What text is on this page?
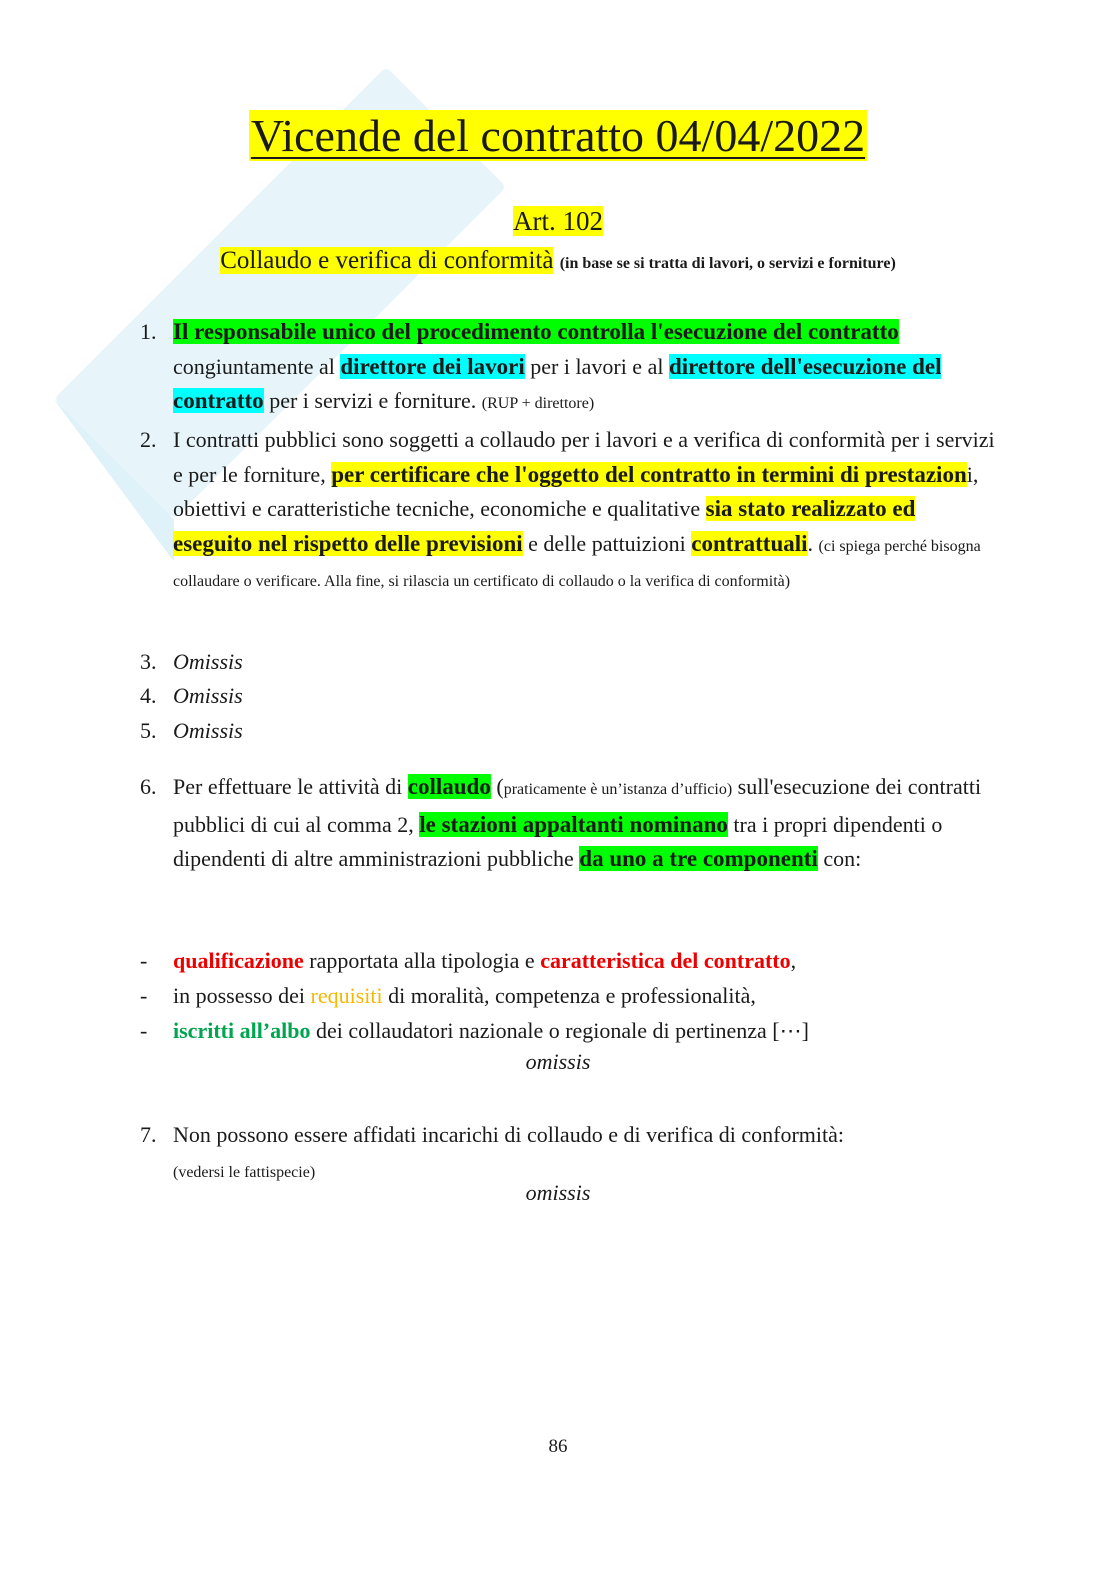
Vicende del contratto 04/04/2022
Art. 102
Collaudo e verifica di conformità (in base se si tratta di lavori, o servizi e forniture)
1. Il responsabile unico del procedimento controlla l'esecuzione del contratto congiuntamente al direttore dei lavori per i lavori e al direttore dell'esecuzione del contratto per i servizi e forniture. (RUP + direttore)
2. I contratti pubblici sono soggetti a collaudo per i lavori e a verifica di conformità per i servizi e per le forniture, per certificare che l'oggetto del contratto in termini di prestazioni, obiettivi e caratteristiche tecniche, economiche e qualitative sia stato realizzato ed eseguito nel rispetto delle previsioni e delle pattuizioni contrattuali. (ci spiega perché bisogna collaudare o verificare. Alla fine, si rilascia un certificato di collaudo o la verifica di conformità)
3. Omissis
4. Omissis
5. Omissis
6. Per effettuare le attività di collaudo (praticamente è un’istanza d’ufficio) sull'esecuzione dei contratti pubblici di cui al comma 2, le stazioni appaltanti nominano tra i propri dipendenti o dipendenti di altre amministrazioni pubbliche da uno a tre componenti con:
- qualificazione rapportata alla tipologia e caratteristica del contratto,
- in possesso dei requisiti di moralità, competenza e professionalità,
- iscritti all’albo dei collaudatori nazionale o regionale di pertinenza [⋯]
omissis
7. Non possono essere affidati incarichi di collaudo e di verifica di conformità:
(vedersi le fattispecie)
omissis
86
